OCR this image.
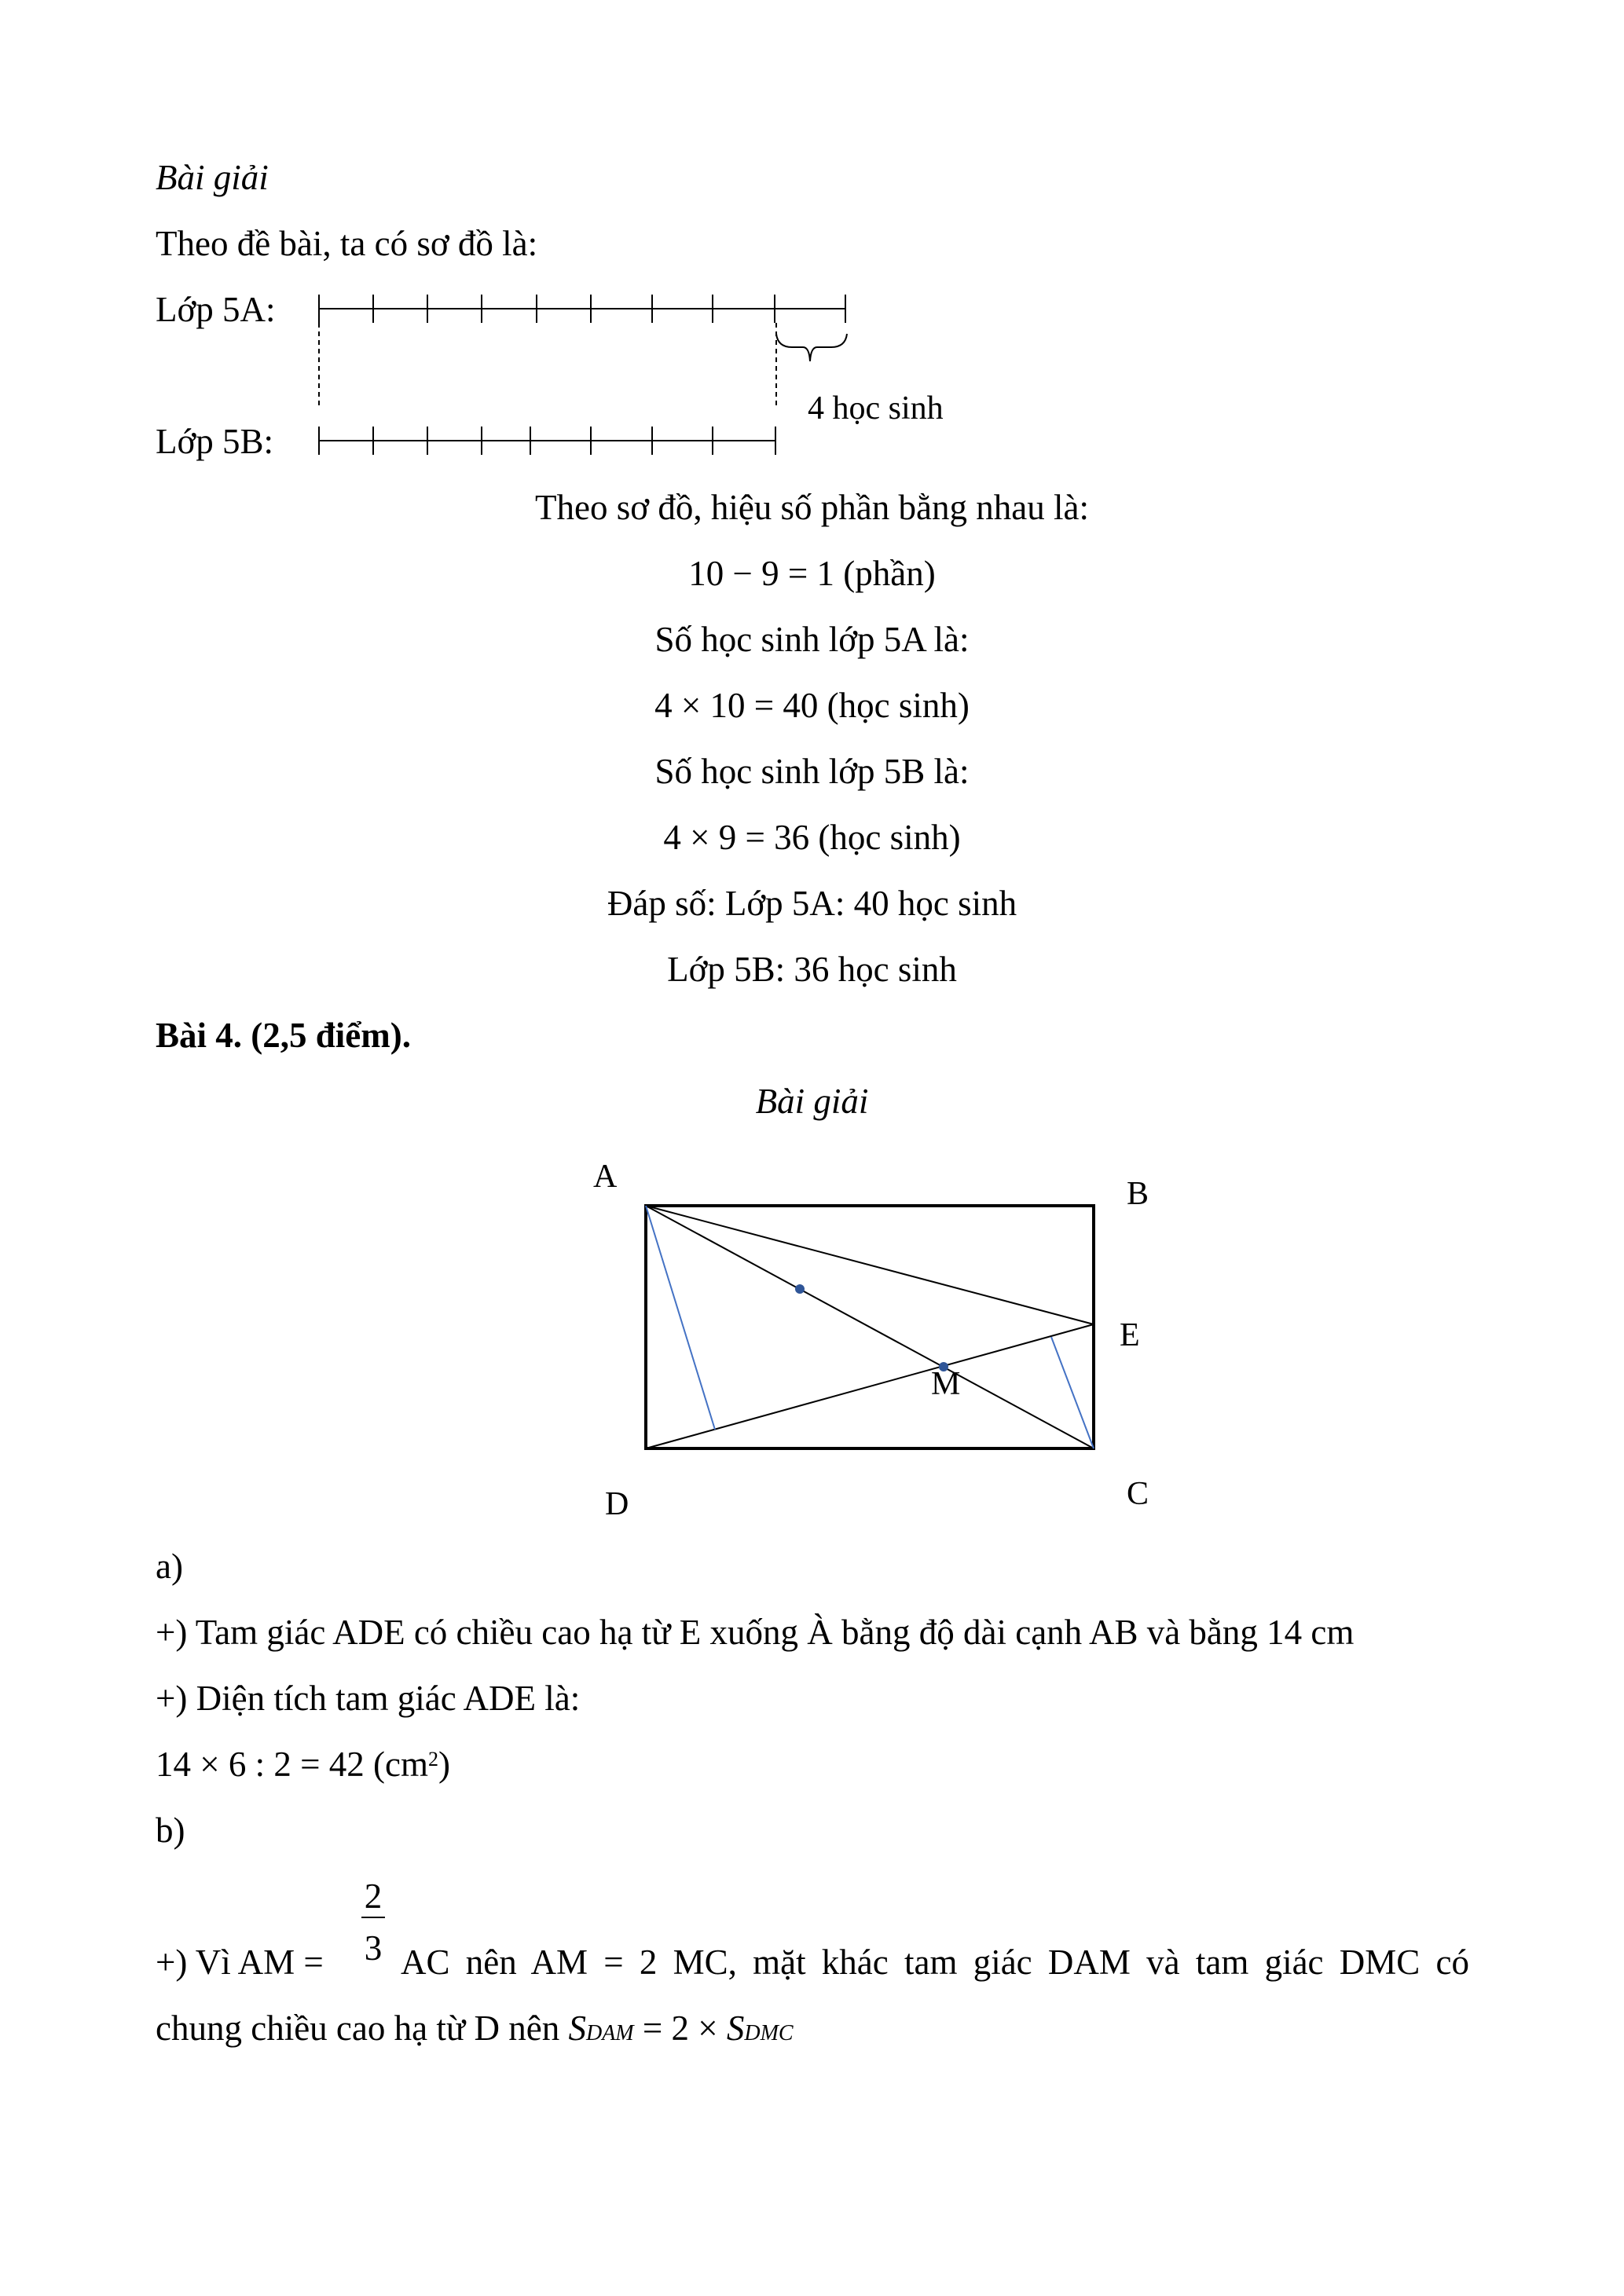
Bài giải
Theo đề bài, ta có sơ đồ là:
Lớp 5A:
Lớp 5B:
4 học sinh
Theo sơ đồ, hiệu số phần bằng nhau là:
10 − 9 = 1 (phần)
Số học sinh lớp 5A là:
4 × 10 = 40 (học sinh)
Số học sinh lớp 5B là:
4 × 9 = 36 (học sinh)
Đáp số: Lớp 5A: 40 học sinh
Lớp 5B: 36 học sinh
Bài 4. (2,5 điểm).
Bài giải
A	B
E
M
D	C
a)
+) Tam giác ADE có chiều cao hạ từ E xuống À bằng độ dài cạnh AB và bằng 14 cm
+) Diện tích tam giác ADE là:
14 × 6 : 2 = 42 $(cm^2)$
b)
2
3
+) Vì AM = AC nên AM = 2 MC, mặt khác tam giác DAM và tam giác DMC có
chung chiều cao hạ từ D nên SDAM = 2 × SDMC
